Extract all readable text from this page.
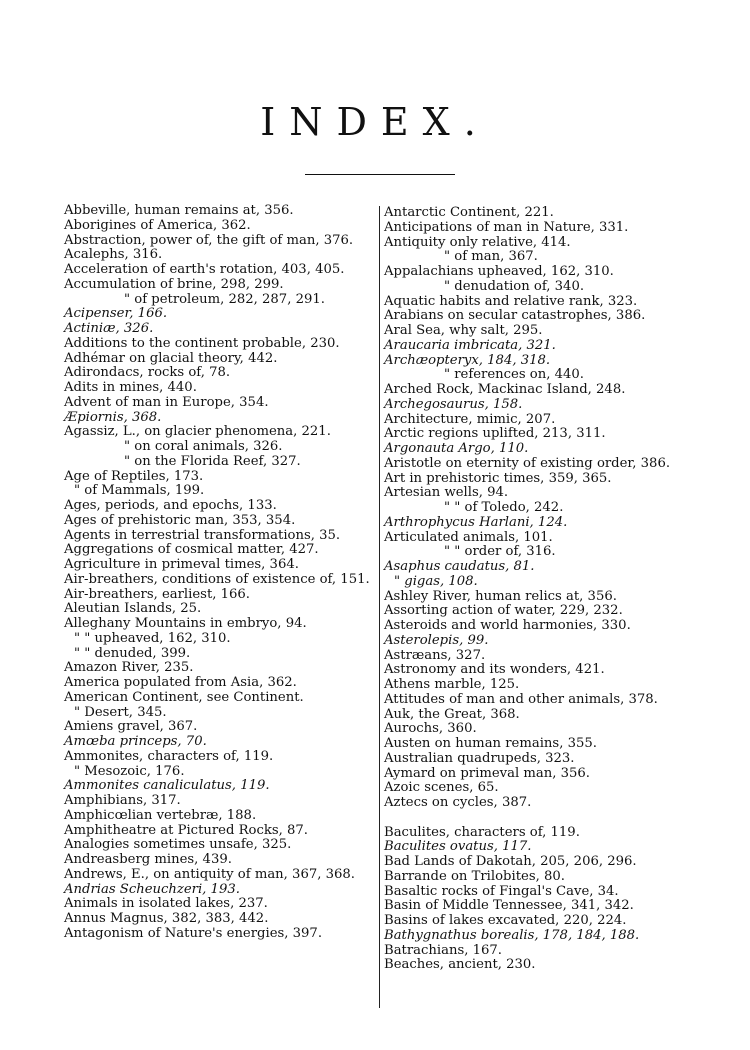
INDEX.

Abbeville, human remains at, 356.

Aborigines of America, 362.

Abstraction, power of, the gift of man, 376.

Acalephs, 316.

Acceleration of earth's rotation, 403, 405.

Accumulation of brine, 298, 299.

" of petroleum, 282, 287, 291.

Acipenser, 166.

Actiniæ, 326.

Additions to the continent probable, 230.

Adhémar on glacial theory, 442.

Adirondacs, rocks of, 78.

Adits in mines, 440.

Advent of man in Europe, 354.

Æpiornis, 368.

Agassiz, L., on glacier phenomena, 221.

" on coral animals, 326.

" on the Florida Reef, 327.

Age of Reptiles, 173.

" of Mammals, 199.

Ages, periods, and epochs, 133.

Ages of prehistoric man, 353, 354.

Agents in terrestrial transformations, 35.

Aggregations of cosmical matter, 427.

Agriculture in primeval times, 364.

Air-breathers, conditions of existence of, 151.

Air-breathers, earliest, 166.

Aleutian Islands, 25.

Alleghany Mountains in embryo, 94.

" " upheaved, 162, 310.

" " denuded, 399.

Amazon River, 235.

America populated from Asia, 362.

American Continent, see Continent.

" Desert, 345.

Amiens gravel, 367.

Amœba princeps, 70.

Ammonites, characters of, 119.

" Mesozoic, 176.

Ammonites canaliculatus, 119.

Amphibians, 317.

Amphicœlian vertebræ, 188.

Amphitheatre at Pictured Rocks, 87.

Analogies sometimes unsafe, 325.

Andreasberg mines, 439.

Andrews, E., on antiquity of man, 367, 368.

Andrias Scheuchzeri, 193.

Animals in isolated lakes, 237.

Annus Magnus, 382, 383, 442.

Antagonism of Nature's energies, 397.

Antarctic Continent, 221.

Anticipations of man in Nature, 331.

Antiquity only relative, 414.

" of man, 367.

Appalachians upheaved, 162, 310.

" denudation of, 340.

Aquatic habits and relative rank, 323.

Arabians on secular catastrophes, 386.

Aral Sea, why salt, 295.

Araucaria imbricata, 321.

Archæopteryx, 184, 318.

" references on, 440.

Arched Rock, Mackinac Island, 248.

Archegosaurus, 158.

Architecture, mimic, 207.

Arctic regions uplifted, 213, 311.

Argonauta Argo, 110.

Aristotle on eternity of existing order, 386.

Art in prehistoric times, 359, 365.

Artesian wells, 94.

" " of Toledo, 242.

Arthrophycus Harlani, 124.

Articulated animals, 101.

" " order of, 316.

Asaphus caudatus, 81.

" gigas, 108.

Ashley River, human relics at, 356.

Assorting action of water, 229, 232.

Asteroids and world harmonies, 330.

Asterolepis, 99.

Astræans, 327.

Astronomy and its wonders, 421.

Athens marble, 125.

Attitudes of man and other animals, 378.

Auk, the Great, 368.

Aurochs, 360.

Austen on human remains, 355.

Australian quadrupeds, 323.

Aymard on primeval man, 356.

Azoic scenes, 65.

Aztecs on cycles, 387.

Baculites, characters of, 119.

Baculites ovatus, 117.

Bad Lands of Dakotah, 205, 206, 296.

Barrande on Trilobites, 80.

Basaltic rocks of Fingal's Cave, 34.

Basin of Middle Tennessee, 341, 342.

Basins of lakes excavated, 220, 224.

Bathygnathus borealis, 178, 184, 188.

Batrachians, 167.

Beaches, ancient, 230.
